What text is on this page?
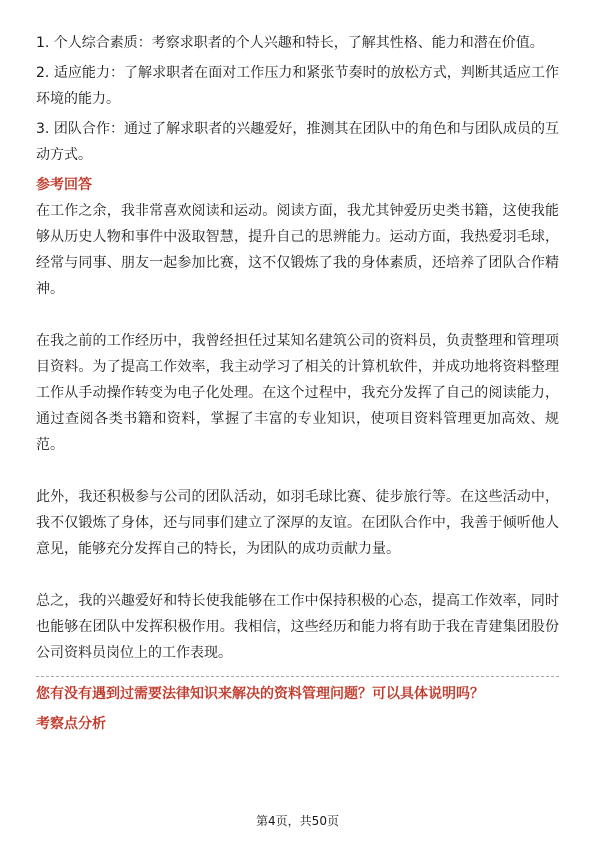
1. 个人综合素质：考察求职者的个人兴趣和特长，了解其性格、能力和潜在价值。

2. 适应能力：了解求职者在面对工作压力和紧张节奏时的放松方式，判断其适应工作环境的能力。

3. 团队合作：通过了解求职者的兴趣爱好，推测其在团队中的角色和与团队成员的互动方式。

参考回答

在工作之余，我非常喜欢阅读和运动。阅读方面，我尤其钟爱历史类书籍，这使我能够从历史人物和事件中汲取智慧，提升自己的思辨能力。运动方面，我热爱羽毛球，经常与同事、朋友一起参加比赛，这不仅锻炼了我的身体素质，还培养了团队合作精神。

在我之前的工作经历中，我曾经担任过某知名建筑公司的资料员，负责整理和管理项目资料。为了提高工作效率，我主动学习了相关的计算机软件，并成功地将资料整理工作从手动操作转变为电子化处理。在这个过程中，我充分发挥了自己的阅读能力，通过查阅各类书籍和资料，掌握了丰富的专业知识，使项目资料管理更加高效、规范。

此外，我还积极参与公司的团队活动，如羽毛球比赛、徒步旅行等。在这些活动中，我不仅锻炼了身体，还与同事们建立了深厚的友谊。在团队合作中，我善于倾听他人意见，能够充分发挥自己的特长，为团队的成功贡献力量。

总之，我的兴趣爱好和特长使我能够在工作中保持积极的心态，提高工作效率，同时也能够在团队中发挥积极作用。我相信，这些经历和能力将有助于我在青建集团股份公司资料员岗位上的工作表现。

您有没有遇到过需要法律知识来解决的资料管理问题？可以具体说明吗？

考察点分析

第4页，共50页
